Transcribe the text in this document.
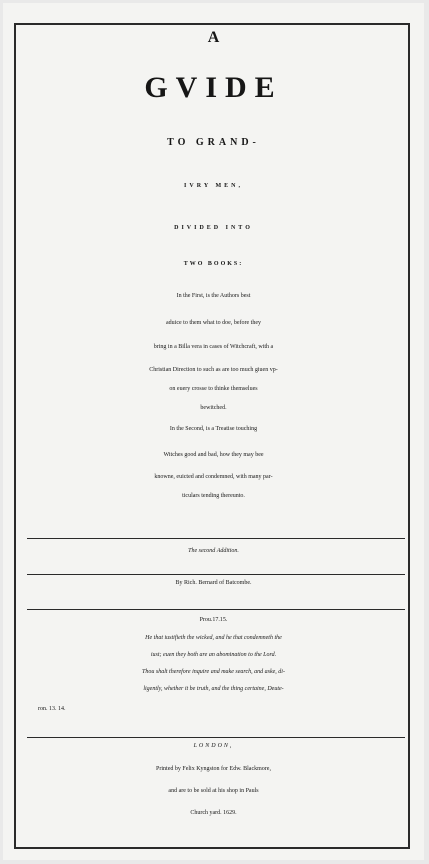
A
GVIDE
TO GRAND-
IVRY MEN,
DIVIDED INTO
TWO BOOKS:
In the First, is the Authors best
aduice to them what to doe, before they
bring in a Billa vera in cases of Witchcraft, with a
Christian Direction to such as are too much giuen vp-
on euery crosse to thinke themselues
bewitched.
In the Second, is a Treatise touching
Witches good and bad, how they may bee
knowne, euicted and condemned, with many par-
ticulars tending thereunto.
The second Addition.
By Rich. Bernard of Batcombe.
Prou.17.15.
He that iustifieth the wicked, and he that condemneth the
iust; euen they both are an abomination to the Lord.
Thou shalt therefore inquire and make search, and aske, di-
ligently, whether it be truth, and the thing certaine, Deute-
ron. 13. 14.
LONDON,
Printed by Felix Kyngston for Edw. Blackmore,
and are to be sold at his shop in Pauls
Church yard. 1629.
